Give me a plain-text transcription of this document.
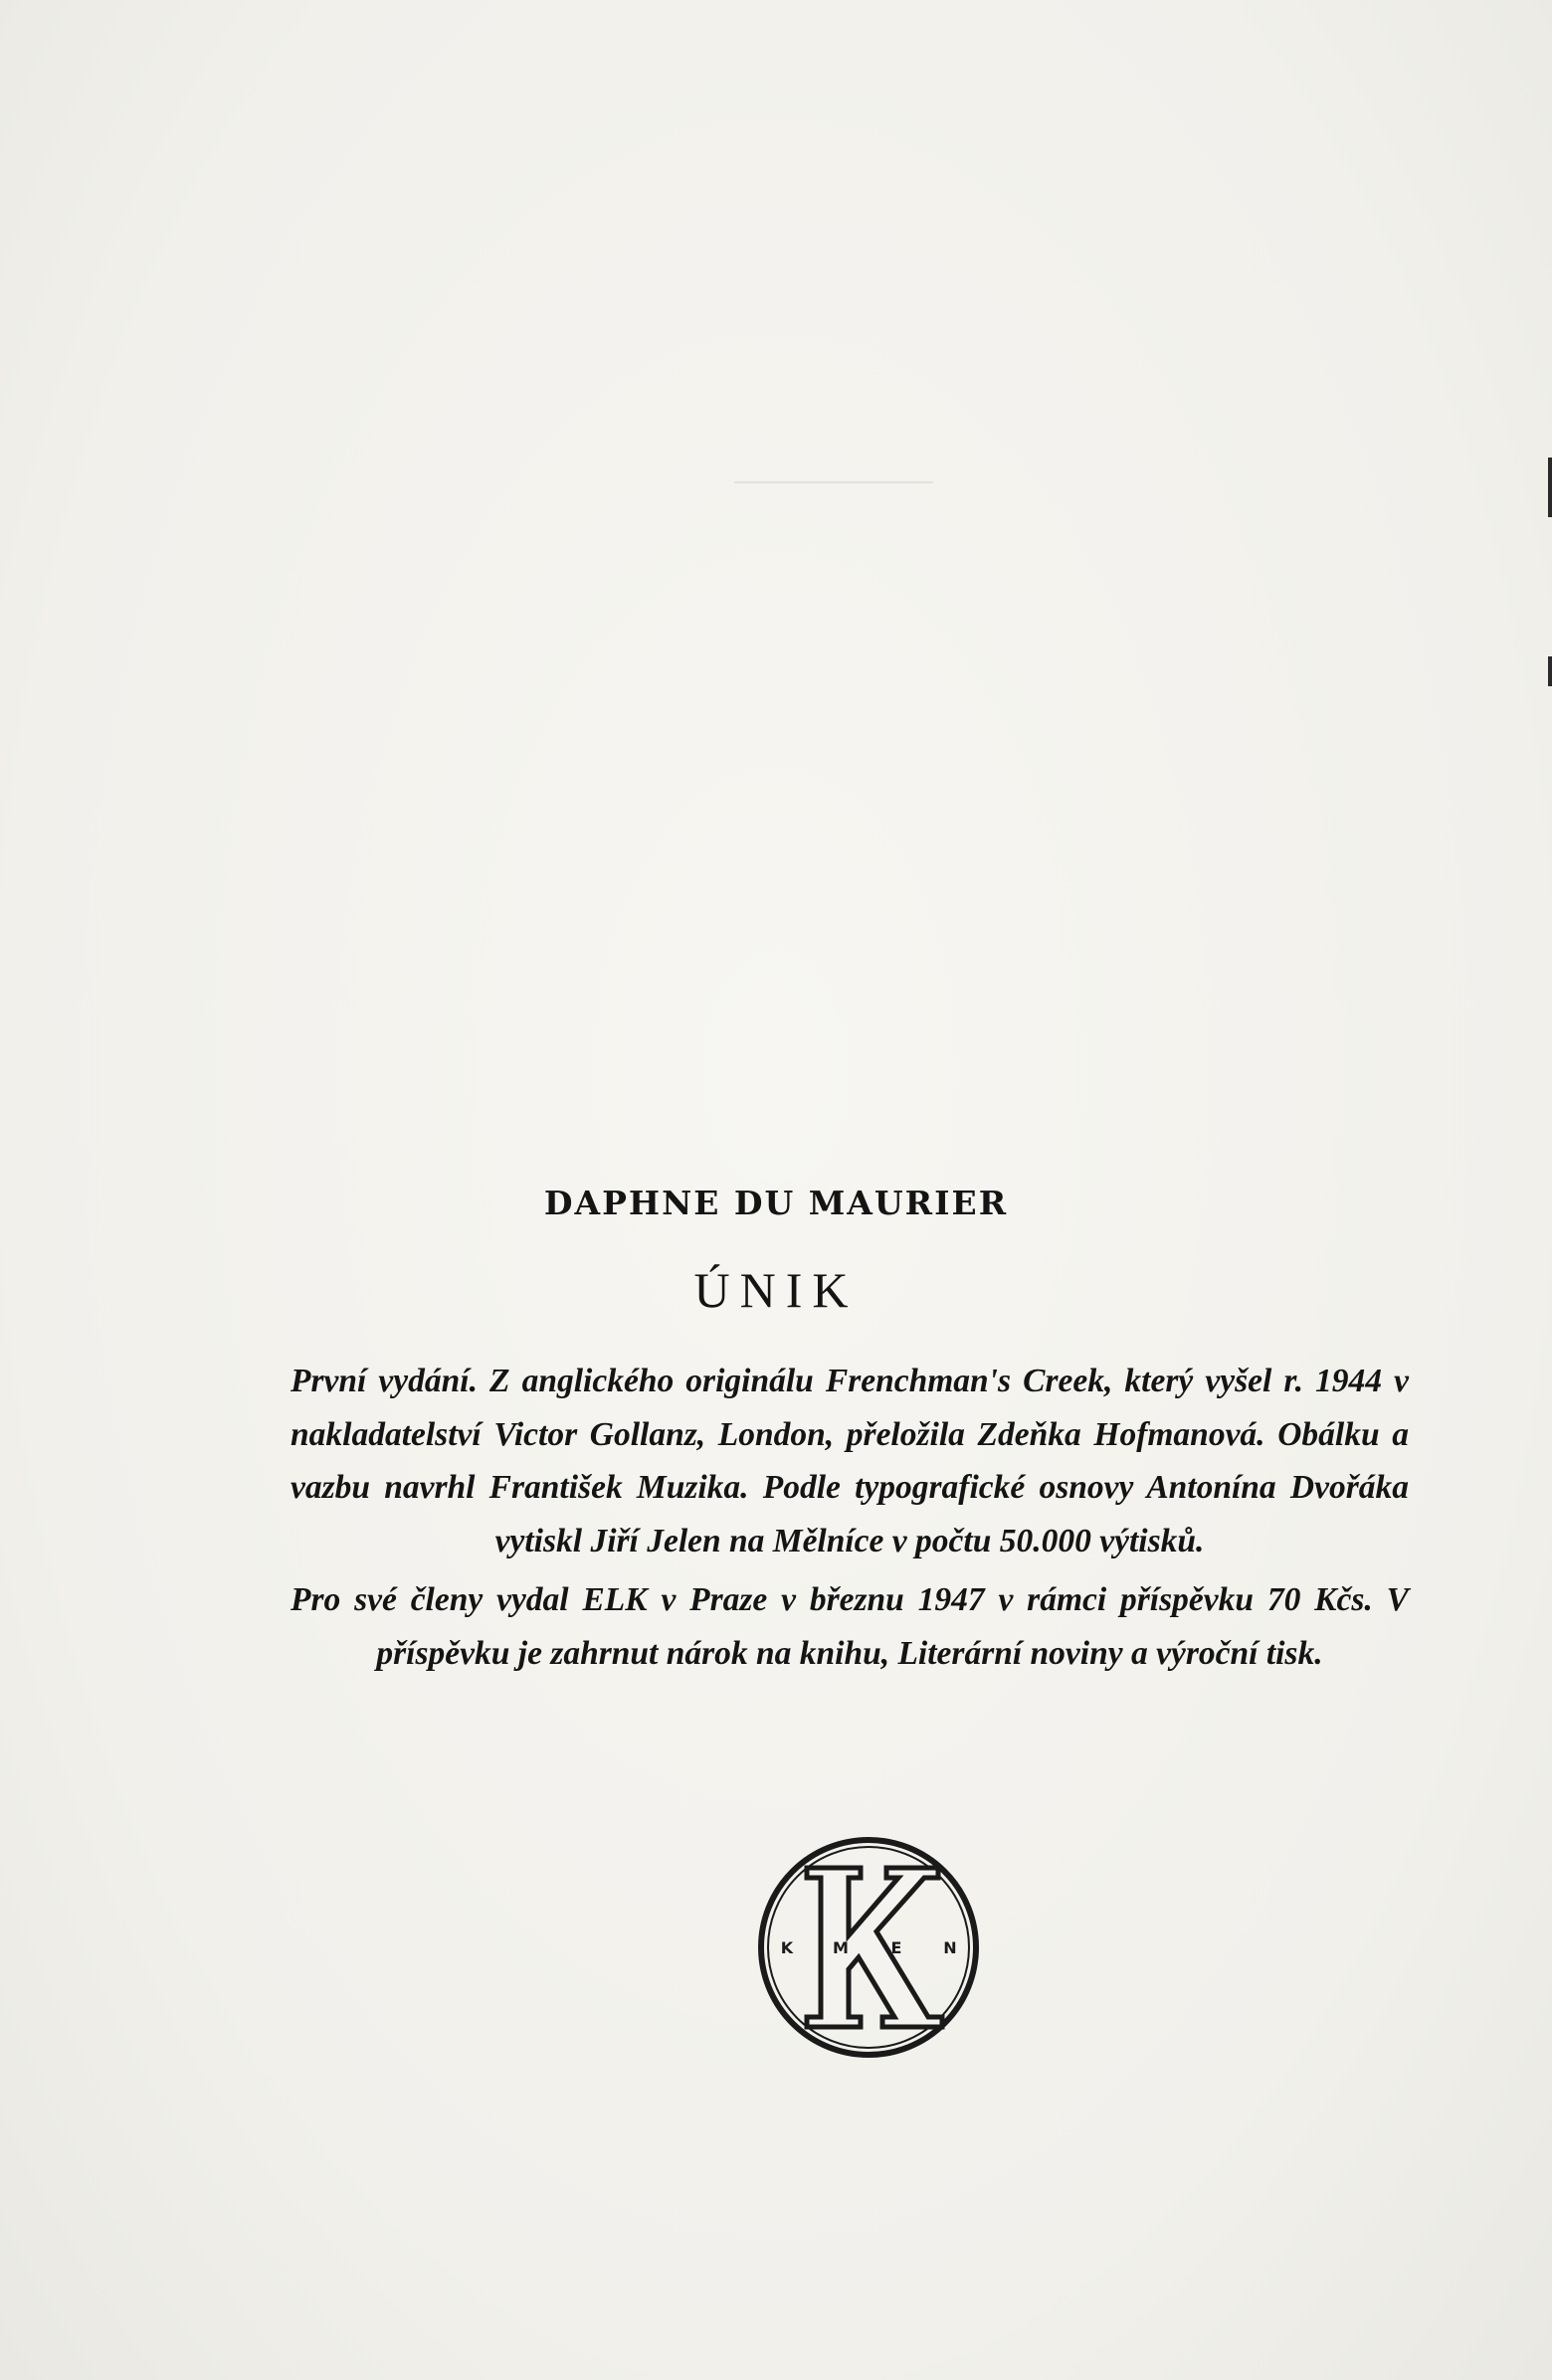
DAPHNE DU MAURIER
ÚNIK

První vydání. Z anglického originálu Frenchman's Creek, který vyšel r. 1944 v nakladatelství Victor Gollanz, London, přeložila Zdeňka Hofmanová. Obálku a vazbu navrhl František Muzika. Podle typografické osnovy Antonína Dvořáka vytiskl Jiří Jelen na Mělníce v počtu 50.000 výtisků.

Pro své členy vydal ELK v Praze v březnu 1947 v rámci příspěvku 70 Kčs. V příspěvku je zahrnut nárok na knihu, Literární noviny a výroční tisk.

K M	E	N
